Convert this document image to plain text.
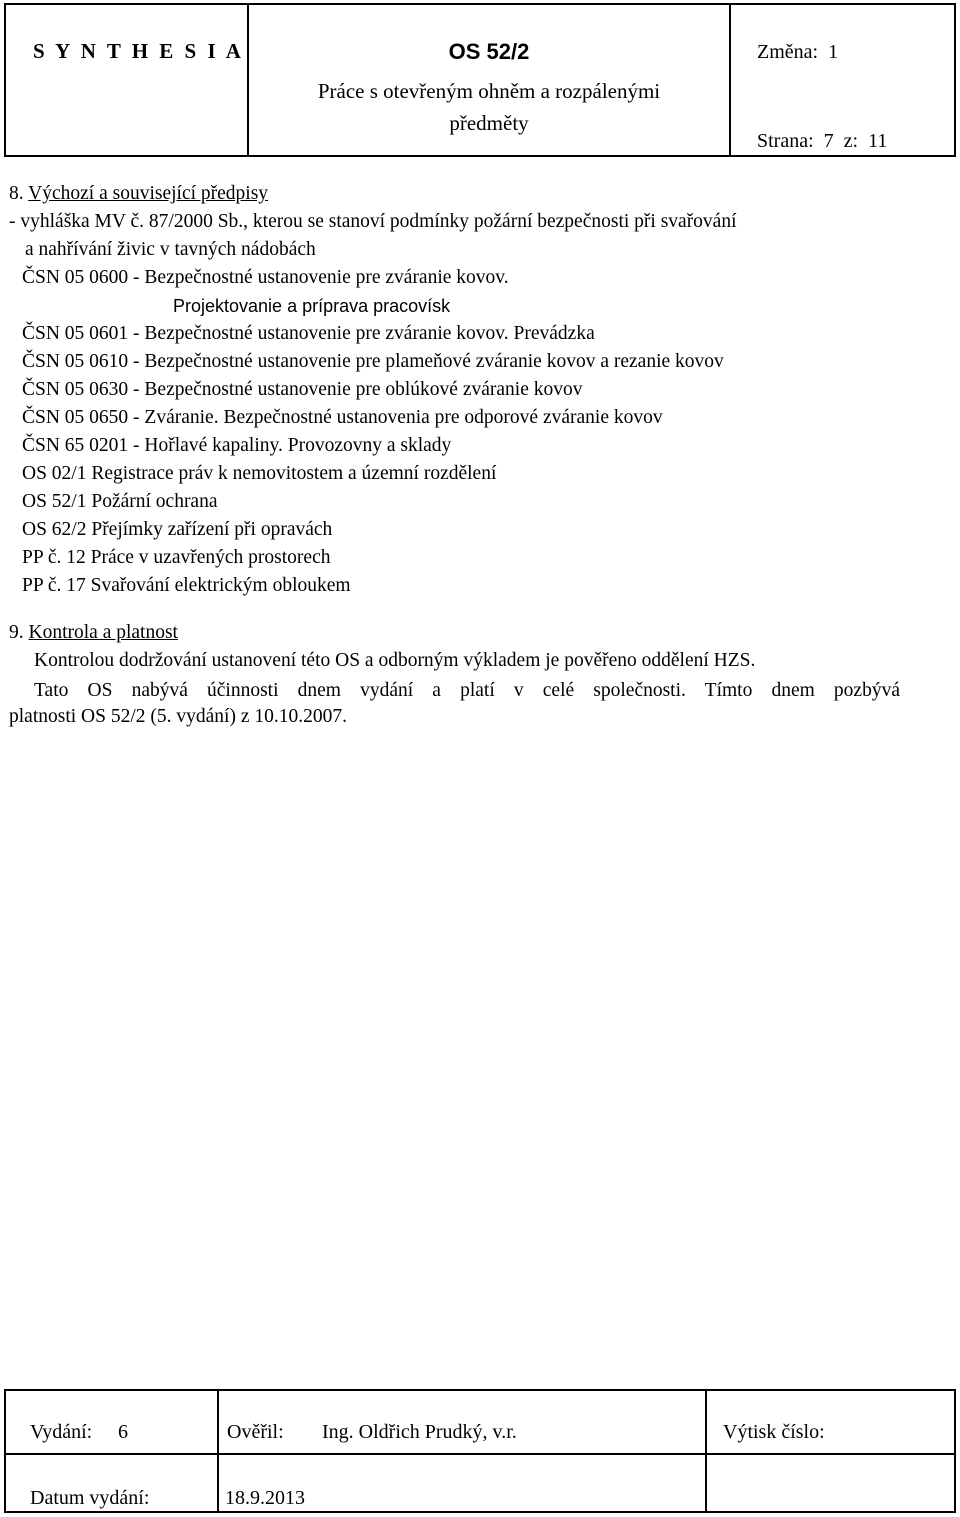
S Y N T H E S I A	OS 52/2
Práce s otevřeným ohněm a rozpálenými
předměty
Změna: 1
Strana: 7 z: 11
8. Výchozí a související předpisy
- vyhláška MV č. 87/2000 Sb., kterou se stanoví podmínky požární bezpečnosti při svařování
a nahřívání živic v tavných nádobách
ČSN 05 0600 - Bezpečnostné ustanovenie pre zváranie kovov.
Projektovanie a príprava pracovísk
ČSN 05 0601 - Bezpečnostné ustanovenie pre zváranie kovov. Prevádzka
ČSN 05 0610 - Bezpečnostné ustanovenie pre plameňové zváranie kovov a rezanie kovov
ČSN 05 0630 - Bezpečnostné ustanovenie pre oblúkové zváranie kovov
ČSN 05 0650 - Zváranie. Bezpečnostné ustanovenia pre odporové zváranie kovov
ČSN 65 0201 - Hořlavé kapaliny. Provozovny a sklady
OS 02/1 Registrace práv k nemovitostem a územní rozdělení
OS 52/1 Požární ochrana
OS 62/2 Přejímky zařízení při opravách
PP č. 12 Práce v uzavřených prostorech
PP č. 17 Svařování elektrickým obloukem
9. Kontrola a platnost
Kontrolou dodržování ustanovení této OS a odborným výkladem je pověřeno oddělení HZS.
Tato OS nabývá účinnosti dnem vydání a platí v celé společnosti. Tímto dnem pozbývá
platnosti OS 52/2 (5. vydání) z 10.10.2007.
Vydání: 6	Ověřil: Ing. Oldřich Prudký, v.r.	Výtisk číslo:
Datum vydání:	18.9.2013
